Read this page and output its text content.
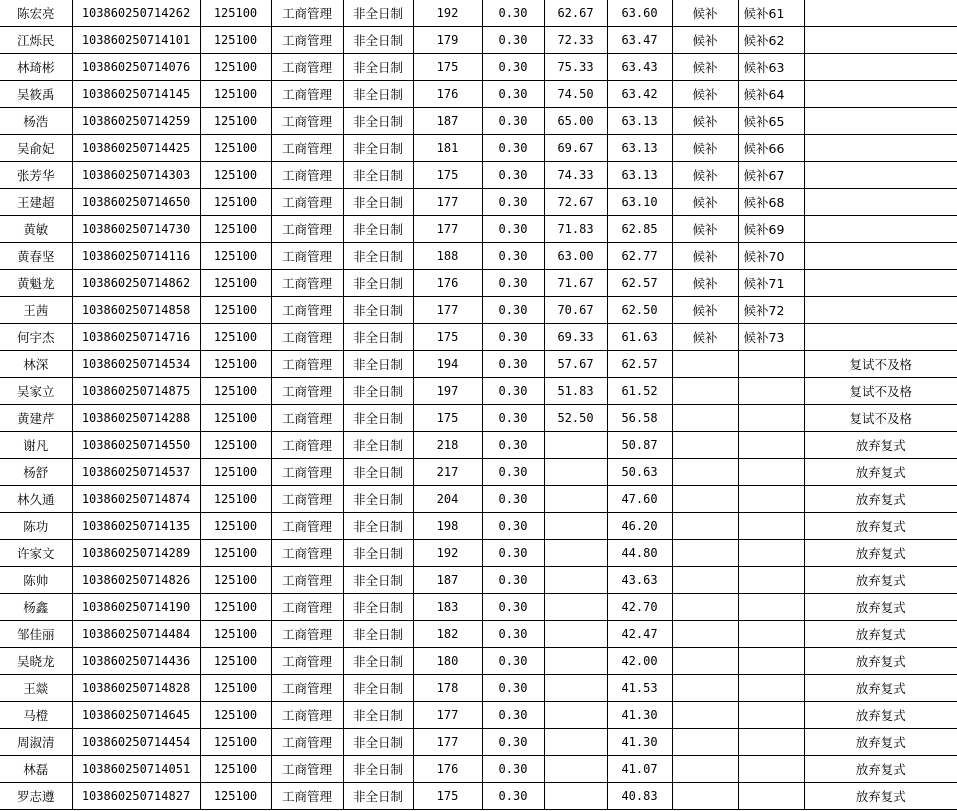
陈宏亮	103860250714262	125100	工商管理	非全日制	192	0.30	62.67	63.60	候补	候补61	
江烁民	103860250714101	125100	工商管理	非全日制	179	0.30	72.33	63.47	候补	候补62	
林琦彬	103860250714076	125100	工商管理	非全日制	175	0.30	75.33	63.43	候补	候补63	
吴筱禹	103860250714145	125100	工商管理	非全日制	176	0.30	74.50	63.42	候补	候补64	
杨浩	103860250714259	125100	工商管理	非全日制	187	0.30	65.00	63.13	候补	候补65	
吴俞妃	103860250714425	125100	工商管理	非全日制	181	0.30	69.67	63.13	候补	候补66	
张芳华	103860250714303	125100	工商管理	非全日制	175	0.30	74.33	63.13	候补	候补67	
王建超	103860250714650	125100	工商管理	非全日制	177	0.30	72.67	63.10	候补	候补68	
黄敏	103860250714730	125100	工商管理	非全日制	177	0.30	71.83	62.85	候补	候补69	
黄春坚	103860250714116	125100	工商管理	非全日制	188	0.30	63.00	62.77	候补	候补70	
黄魁龙	103860250714862	125100	工商管理	非全日制	176	0.30	71.67	62.57	候补	候补71	
王茜	103860250714858	125100	工商管理	非全日制	177	0.30	70.67	62.50	候补	候补72	
何宇杰	103860250714716	125100	工商管理	非全日制	175	0.30	69.33	61.63	候补	候补73	
林深	103860250714534	125100	工商管理	非全日制	194	0.30	57.67	62.57			复试不及格
吴家立	103860250714875	125100	工商管理	非全日制	197	0.30	51.83	61.52			复试不及格
黄建芹	103860250714288	125100	工商管理	非全日制	175	0.30	52.50	56.58			复试不及格
谢凡	103860250714550	125100	工商管理	非全日制	218	0.30		50.87			放弃复式
杨舒	103860250714537	125100	工商管理	非全日制	217	0.30		50.63			放弃复式
林久通	103860250714874	125100	工商管理	非全日制	204	0.30		47.60			放弃复式
陈功	103860250714135	125100	工商管理	非全日制	198	0.30		46.20			放弃复式
许家文	103860250714289	125100	工商管理	非全日制	192	0.30		44.80			放弃复式
陈帅	103860250714826	125100	工商管理	非全日制	187	0.30		43.63			放弃复式
杨鑫	103860250714190	125100	工商管理	非全日制	183	0.30		42.70			放弃复式
邹佳丽	103860250714484	125100	工商管理	非全日制	182	0.30		42.47			放弃复式
吴晓龙	103860250714436	125100	工商管理	非全日制	180	0.30		42.00			放弃复式
王燚	103860250714828	125100	工商管理	非全日制	178	0.30		41.53			放弃复式
马橙	103860250714645	125100	工商管理	非全日制	177	0.30		41.30			放弃复式
周淑清	103860250714454	125100	工商管理	非全日制	177	0.30		41.30			放弃复式
林磊	103860250714051	125100	工商管理	非全日制	176	0.30		41.07			放弃复式
罗志遵	103860250714827	125100	工商管理	非全日制	175	0.30		40.83			放弃复式
